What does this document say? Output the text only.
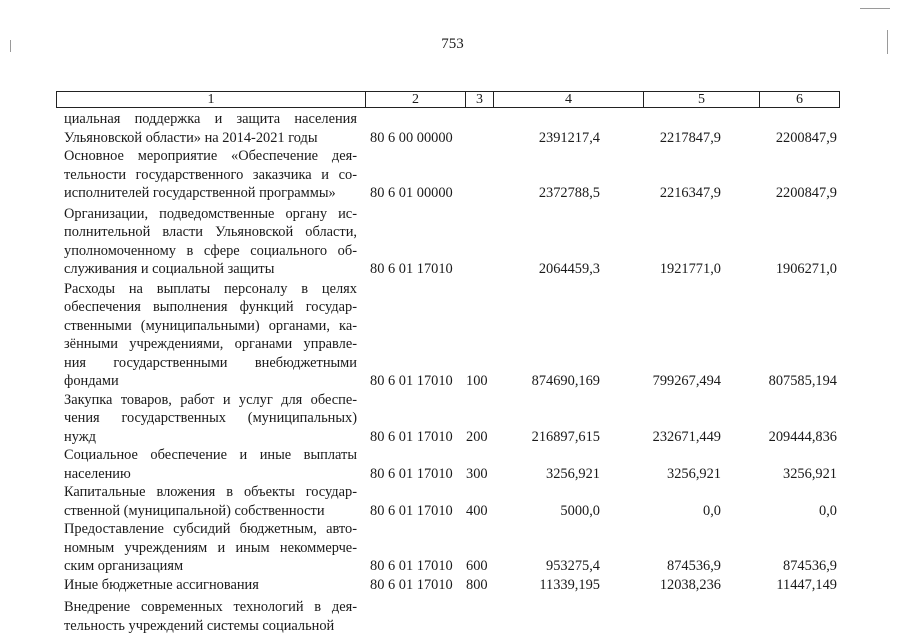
753
1	2	3	4	5	6
циальная поддержка и защита населения
Ульяновской области» на 2014-2021 годы	80 6 00 00000	2391217,4	2217847,9	2200847,9
Основное мероприятие «Обеспечение дея-
тельности государственного заказчика и со-
исполнителей государственной программы»	80 6 01 00000	2372788,5	2216347,9	2200847,9
Организации, подведомственные органу ис-
полнительной власти Ульяновской области,
уполномоченному в сфере социального об-
служивания и социальной защиты	80 6 01 17010	2064459,3	1921771,0	1906271,0
Расходы на выплаты персоналу в целях
обеспечения выполнения функций государ-
ственными (муниципальными) органами, ка-
зёнными учреждениями, органами управле-
ния государственными внебюджетными
фондами	80 6 01 17010 100	874690,169	799267,494	807585,194
Закупка товаров, работ и услуг для обеспе-
чения государственных (муниципальных)
нужд	80 6 01 17010 200	216897,615	232671,449	209444,836
Социальное обеспечение и иные выплаты
населению	80 6 01 17010 300	3256,921	3256,921	3256,921
Капитальные вложения в объекты государ-
ственной (муниципальной) собственности	80 6 01 17010 400	5000,0	0,0	0,0
Предоставление субсидий бюджетным, авто-
номным учреждениям и иным некоммерче-
ским организациям	80 6 01 17010 600	953275,4	874536,9	874536,9
Иные бюджетные ассигнования	80 6 01 17010 800	11339,195	12038,236	11447,149
Внедрение современных технологий в дея-
тельность учреждений системы социальной
